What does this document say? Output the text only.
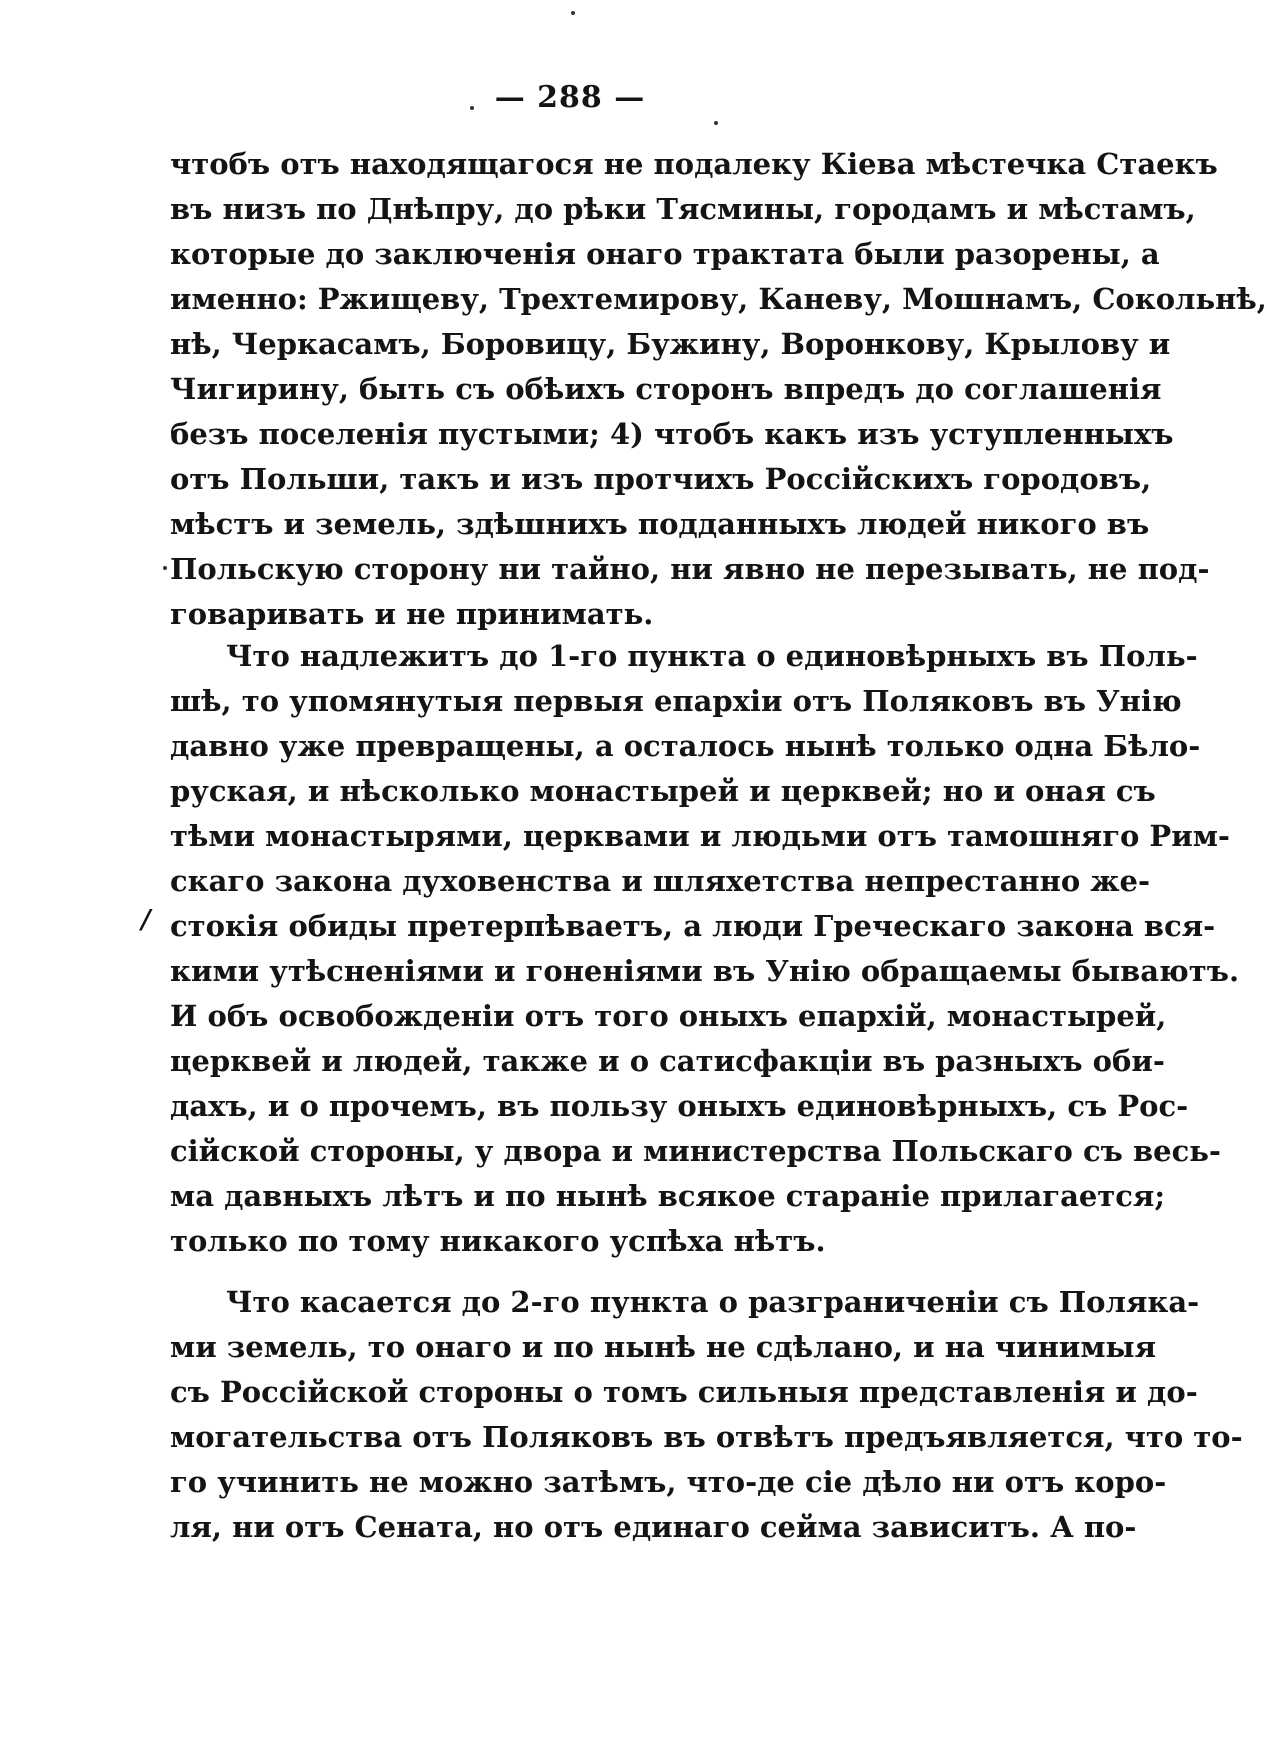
— 288 —
чтобъ отъ находящагося не подалеку Кіева мѣстечка Стаекъ
въ низъ по Днѣпру, до рѣки Тясмины, городамъ и мѣстамъ,
которые до заключенія онаго трактата были разорены, а
именно: Ржищеву, Трехтемирову, Каневу, Мошнамъ, Сокольнѣ,
нѣ, Черкасамъ, Боровицу, Бужину, Воронкову, Крылову и
Чигирину, быть съ обѣихъ сторонъ впредъ до соглашенія
безъ поселенія пустыми; 4) чтобъ какъ изъ уступленныхъ
отъ Польши, такъ и изъ протчихъ Россійскихъ городовъ,
мѣстъ и земель, здѣшнихъ подданныхъ людей никого въ
Польскую сторону ни тайно, ни явно не перезывать, не под-
говаривать и не принимать.
Что надлежитъ до 1-го пункта о единовѣрныхъ въ Поль-
шѣ, то упомянутыя первыя епархіи отъ Поляковъ въ Унію
давно уже превращены, а осталось нынѣ только одна Бѣло-
руская, и нѣсколько монастырей и церквей; но и оная съ
тѣми монастырями, церквами и людьми отъ тамошняго Рим-
скаго закона духовенства и шляхетства непрестанно же-
стокія обиды претерпѣваетъ, а люди Греческаго закона вся-
кими утѣсненіями и гоненіями въ Унію обращаемы бываютъ.
И объ освобожденіи отъ того оныхъ епархій, монастырей,
церквей и людей, также и о сатисфакціи въ разныхъ оби-
дахъ, и о прочемъ, въ пользу оныхъ единовѣрныхъ, съ Рос-
сійской стороны, у двора и министерства Польскаго съ весь-
ма давныхъ лѣтъ и по нынѣ всякое стараніе прилагается;
только по тому никакого успѣха нѣтъ.
Что касается до 2-го пункта о разграниченіи съ Поляка-
ми земель, то онаго и по нынѣ не сдѣлано, и на чинимыя
съ Россійской стороны о томъ сильныя представленія и до-
могательства отъ Поляковъ въ отвѣтъ предъявляется, что то-
го учинить не можно затѣмъ, что-де сіе дѣло ни отъ коро-
ля, ни отъ Сената, но отъ единаго сейма зависитъ. А по-
/
